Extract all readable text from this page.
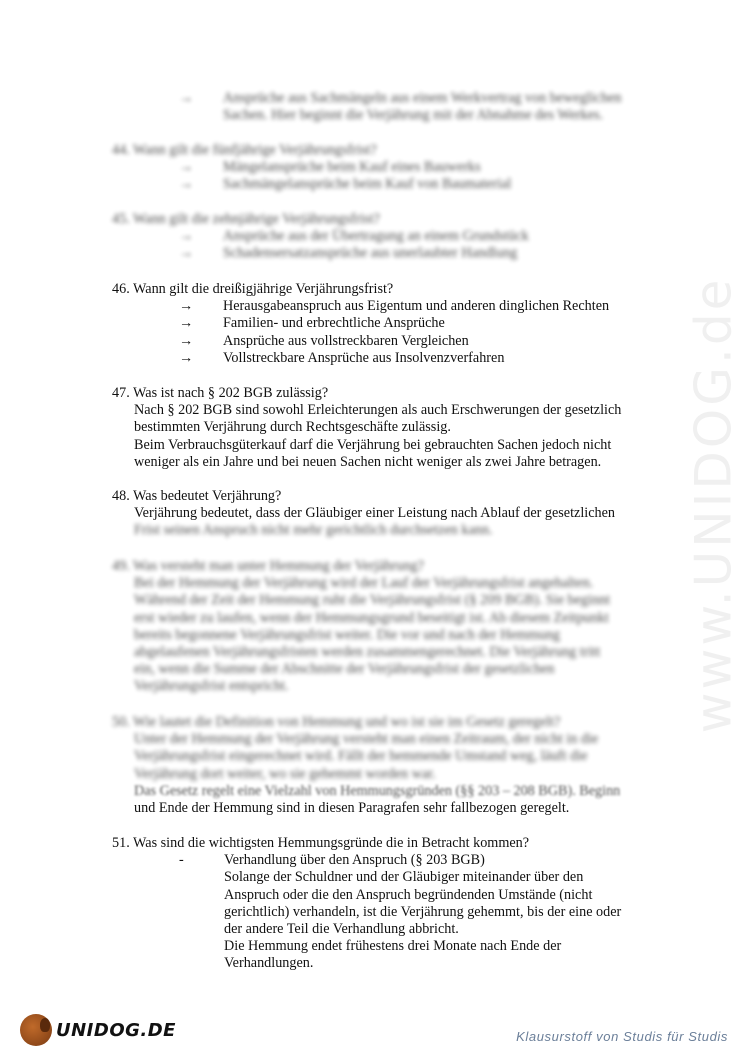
www.UNIDOG.de
→ Ansprüche aus Sachmängeln aus einem Werkvertrag von beweglichen
Sachen. Hier beginnt die Verjährung mit der Abnahme des Werkes.
44. Wann gilt die fünfjährige Verjährungsfrist?
→ Mängelansprüche beim Kauf eines Bauwerks
→ Sachmängelansprüche beim Kauf von Baumaterial
45. Wann gilt die zehnjährige Verjährungsfrist?
→ Ansprüche aus der Übertragung an einem Grundstück
→ Schadensersatzansprüche aus unerlaubter Handlung
46. Wann gilt die dreißigjährige Verjährungsfrist?
→ Herausgabeanspruch aus Eigentum und anderen dinglichen Rechten
→ Familien- und erbrechtliche Ansprüche
→ Ansprüche aus vollstreckbaren Vergleichen
→ Vollstreckbare Ansprüche aus Insolvenzverfahren
47. Was ist nach § 202 BGB zulässig?
Nach § 202 BGB sind sowohl Erleichterungen als auch Erschwerungen der gesetzlich
bestimmten Verjährung durch Rechtsgeschäfte zulässig.
Beim Verbrauchsgüterkauf darf die Verjährung bei gebrauchten Sachen jedoch nicht
weniger als ein Jahre und bei neuen Sachen nicht weniger als zwei Jahre betragen.
48. Was bedeutet Verjährung?
Verjährung bedeutet, dass der Gläubiger einer Leistung nach Ablauf der gesetzlichen
Frist seinen Anspruch nicht mehr gerichtlich durchsetzen kann.
49. Was versteht man unter Hemmung der Verjährung?
Bei der Hemmung der Verjährung wird der Lauf der Verjährungsfrist angehalten.
Während der Zeit der Hemmung ruht die Verjährungsfrist (§ 209 BGB). Sie beginnt
erst wieder zu laufen, wenn der Hemmungsgrund beseitigt ist. Ab diesem Zeitpunkt
bereits begonnene Verjährungsfrist weiter. Die vor und nach der Hemmung
abgelaufenen Verjährungsfristen werden zusammengerechnet. Die Verjährung tritt
ein, wenn die Summe der Abschnitte der Verjährungsfrist der gesetzlichen
Verjährungsfrist entspricht.
50. Wie lautet die Definition von Hemmung und wo ist sie im Gesetz geregelt?
Unter der Hemmung der Verjährung versteht man einen Zeitraum, der nicht in die
Verjährungsfrist eingerechnet wird. Fällt der hemmende Umstand weg, läuft die
Verjährung dort weiter, wo sie gehemmt worden war.
Das Gesetz regelt eine Vielzahl von Hemmungsgründen (§§ 203 – 208 BGB). Beginn
und Ende der Hemmung sind in diesen Paragrafen sehr fallbezogen geregelt.
51. Was sind die wichtigsten Hemmungsgründe die in Betracht kommen?
-	Verhandlung über den Anspruch (§ 203 BGB)
Solange der Schuldner und der Gläubiger miteinander über den
Anspruch oder die den Anspruch begründenden Umstände (nicht
gerichtlich) verhandeln, ist die Verjährung gehemmt, bis der eine oder
der andere Teil die Verhandlung abbricht.
Die Hemmung endet frühestens drei Monate nach Ende der
Verhandlungen.
UNIDOG.DE	Klausurstoff von Studis für Studis
